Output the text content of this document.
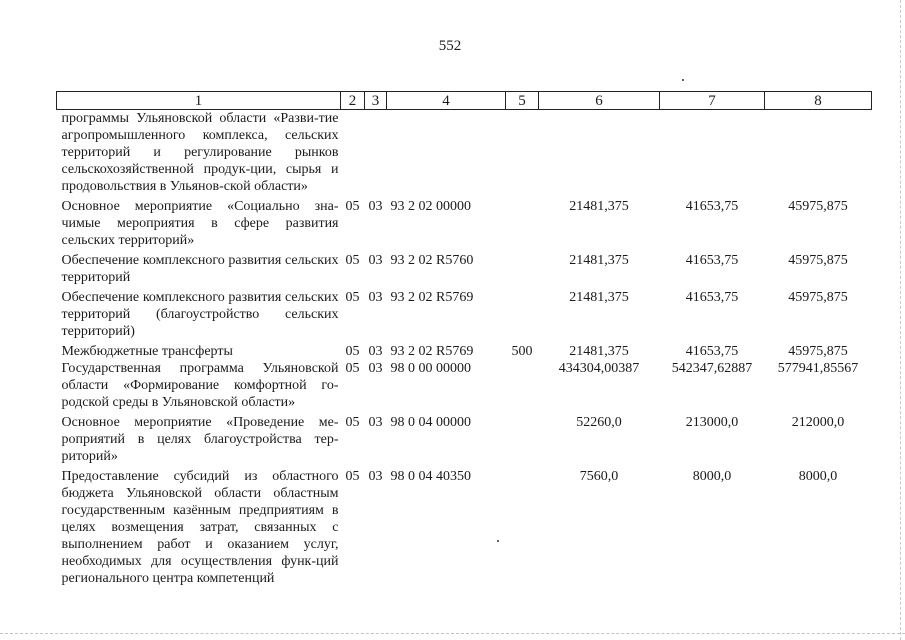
552
1	2	3	4	5	6	7	8
программы Ульяновской области «Разви-тие агропромышленного комплекса, сельских территорий и регулирование рынков сельскохозяйственной продук-ции, сырья и продовольствия в Ульянов-ской области»							
Основное мероприятие «Социально зна-чимые мероприятия в сфере развития сельских территорий»	05	03	93 2 02 00000		21481,375	41653,75	45975,875
Обеспечение комплексного развития сельских территорий	05	03	93 2 02 R5760		21481,375	41653,75	45975,875
Обеспечение комплексного развития сельских территорий (благоустройство сельских территорий)	05	03	93 2 02 R5769		21481,375	41653,75	45975,875
Межбюджетные трансферты	05	03	93 2 02 R5769	500	21481,375	41653,75	45975,875
Государственная программа Ульяновской области «Формирование комфортной го-родской среды в Ульяновской области»	05	03	98 0 00 00000		434304,00387	542347,62887	577941,85567
Основное мероприятие «Проведение ме-роприятий в целях благоустройства тер-риторий»	05	03	98 0 04 00000		52260,0	213000,0	212000,0
Предоставление субсидий из областного бюджета Ульяновской области областным государственным казённым предприятиям в целях возмещения затрат, связанных с выполнением работ и оказанием услуг, необходимых для осуществления функ-ций регионального центра компетенций	05	03	98 0 04 40350		7560,0	8000,0	8000,0
